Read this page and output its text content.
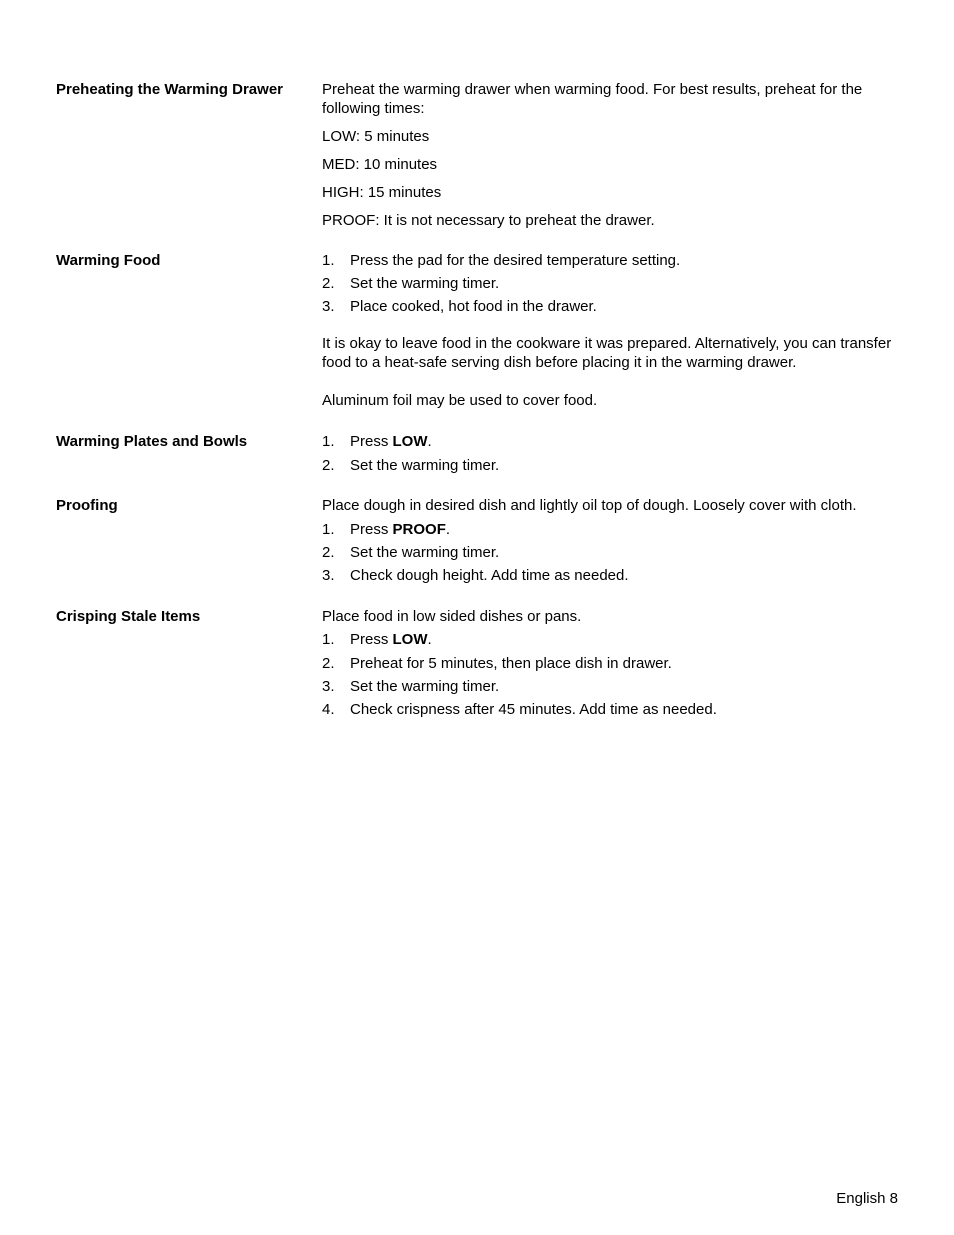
Preheating the Warming Drawer	Preheat the warming drawer when warming food. For best results, preheat for the following times:

LOW: 5 minutes

MED: 10 minutes

HIGH: 15 minutes

PROOF: It is not necessary to preheat the drawer.

Warming Food	1. Press the pad for the desired temperature setting.
2. Set the warming timer.
3. Place cooked, hot food in the drawer.

It is okay to leave food in the cookware it was prepared. Alternatively, you can transfer food to a heat-safe serving dish before placing it in the warming drawer.

Aluminum foil may be used to cover food.

Warming Plates and Bowls	1. Press LOW.
2. Set the warming timer.
Proofing	Place dough in desired dish and lightly oil top of dough. Loosely cover with cloth.

1. Press PROOF.
2. Set the warming timer.
3. Check dough height. Add time as needed.
Crisping Stale Items	Place food in low sided dishes or pans.

1. Press LOW.
2. Preheat for 5 minutes, then place dish in drawer.
3. Set the warming timer.
4. Check crispness after 45 minutes. Add time as needed.
English 8
